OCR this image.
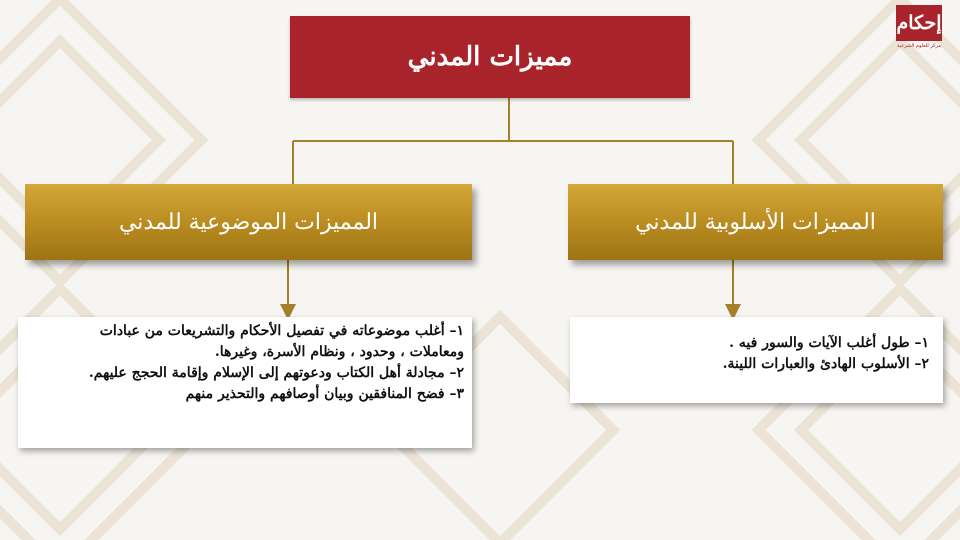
مميزات المدني
المميزات الموضوعية للمدني	المميزات الأسلوبية للمدني

١– أغلب موضوعاته في تفصيل الأحكام والتشريعات من عبادات

ومعاملات ، وحدود ، ونظام الأسرة، وغيرها.

٢– مجادلة أهل الكتاب ودعوتهم إلى الإسلام وإقامة الحجج عليهم.

٣– فضح المنافقين وبيان أوصافهم والتحذير منهم

١– طول أغلب الآيات والسور فيه .

٢– الأسلوب الهادئ والعبارات اللينة.

إحكام
مركز للعلوم الشرعية
